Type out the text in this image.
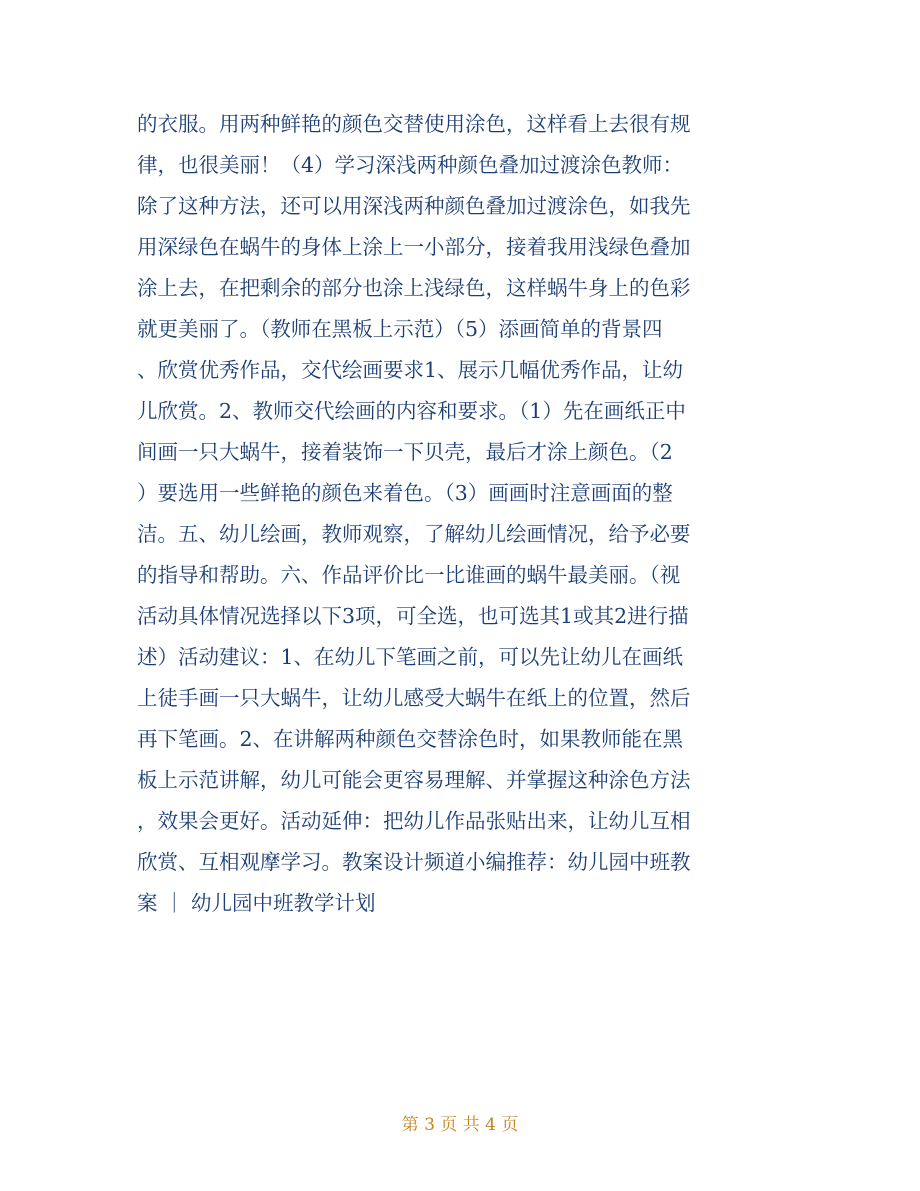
的衣服。用两种鲜艳的颜色交替使用涂色，这样看上去很有规
律，也很美丽！（4）学习深浅两种颜色叠加过渡涂色教师：
除了这种方法，还可以用深浅两种颜色叠加过渡涂色，如我先
用深绿色在蜗牛的身体上涂上一小部分，接着我用浅绿色叠加
涂上去，在把剩余的部分也涂上浅绿色，这样蜗牛身上的色彩
就更美丽了。（教师在黑板上示范）（5）添画简单的背景四
、欣赏优秀作品，交代绘画要求1、展示几幅优秀作品，让幼
儿欣赏。2、教师交代绘画的内容和要求。（1）先在画纸正中
间画一只大蜗牛，接着装饰一下贝壳，最后才涂上颜色。（2
）要选用一些鲜艳的颜色来着色。（3）画画时注意画面的整
洁。五、幼儿绘画，教师观察，了解幼儿绘画情况，给予必要
的指导和帮助。六、作品评价比一比谁画的蜗牛最美丽。（视
活动具体情况选择以下3项，可全选，也可选其1或其2进行描
述）活动建议：1、在幼儿下笔画之前，可以先让幼儿在画纸
上徒手画一只大蜗牛，让幼儿感受大蜗牛在纸上的位置，然后
再下笔画。2、在讲解两种颜色交替涂色时，如果教师能在黑
板上示范讲解，幼儿可能会更容易理解、并掌握这种涂色方法
，效果会更好。活动延伸：把幼儿作品张贴出来，让幼儿互相
欣赏、互相观摩学习。教案设计频道小编推荐：幼儿园中班教
案 ｜ 幼儿园中班教学计划
第 3 页 共 4 页
